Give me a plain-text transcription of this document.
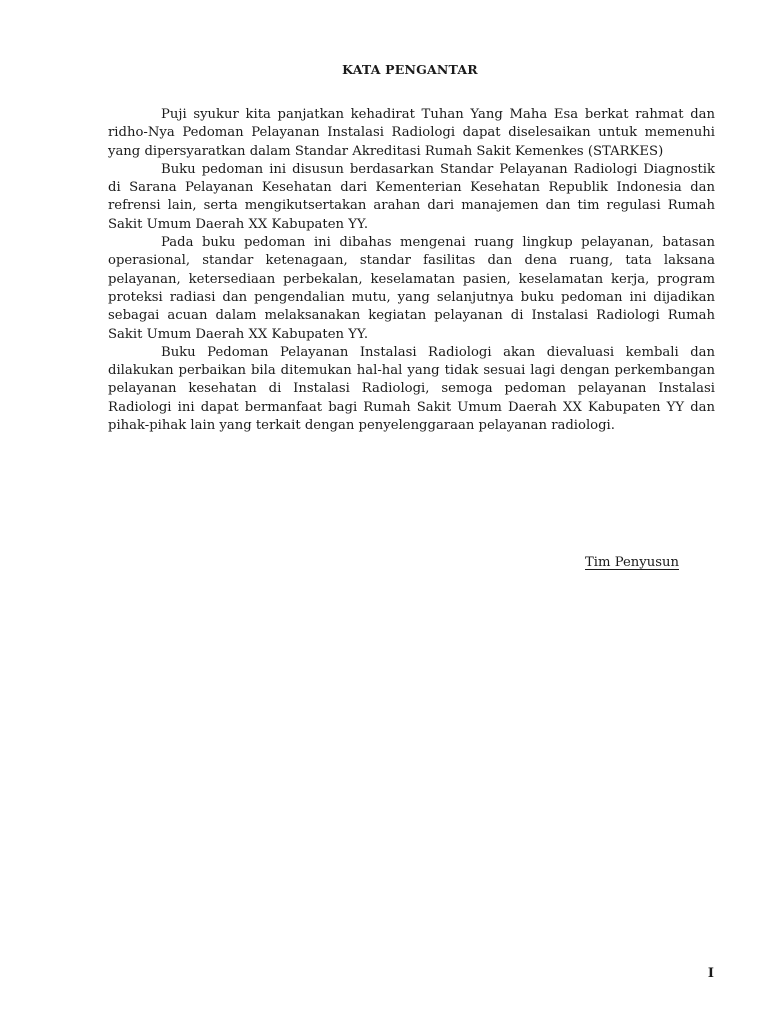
KATA PENGANTAR

Puji syukur kita panjatkan kehadirat Tuhan Yang Maha Esa berkat rahmat dan ridho-Nya Pedoman Pelayanan Instalasi Radiologi dapat diselesaikan untuk memenuhi yang dipersyaratkan dalam Standar Akreditasi Rumah Sakit Kemenkes (STARKES)

Buku pedoman ini disusun berdasarkan Standar Pelayanan Radiologi Diagnostik di Sarana Pelayanan Kesehatan dari Kementerian Kesehatan Republik Indonesia dan refrensi lain, serta mengikutsertakan arahan dari manajemen dan tim regulasi Rumah Sakit Umum Daerah XX Kabupaten YY.

Pada buku pedoman ini dibahas mengenai ruang lingkup pelayanan, batasan operasional, standar ketenagaan, standar fasilitas dan dena ruang, tata laksana pelayanan, ketersediaan perbekalan, keselamatan pasien, keselamatan kerja, program proteksi radiasi dan pengendalian mutu, yang selanjutnya buku pedoman ini dijadikan sebagai acuan dalam melaksanakan kegiatan pelayanan di Instalasi Radiologi Rumah Sakit Umum Daerah XX Kabupaten YY.

Buku Pedoman Pelayanan Instalasi Radiologi akan dievaluasi kembali dan dilakukan perbaikan bila ditemukan hal-hal yang tidak sesuai lagi dengan perkembangan pelayanan kesehatan di Instalasi Radiologi, semoga pedoman pelayanan Instalasi Radiologi ini dapat bermanfaat bagi Rumah Sakit Umum Daerah XX Kabupaten YY dan pihak-pihak lain yang terkait dengan penyelenggaraan pelayanan radiologi.

Tim Penyusun
I
